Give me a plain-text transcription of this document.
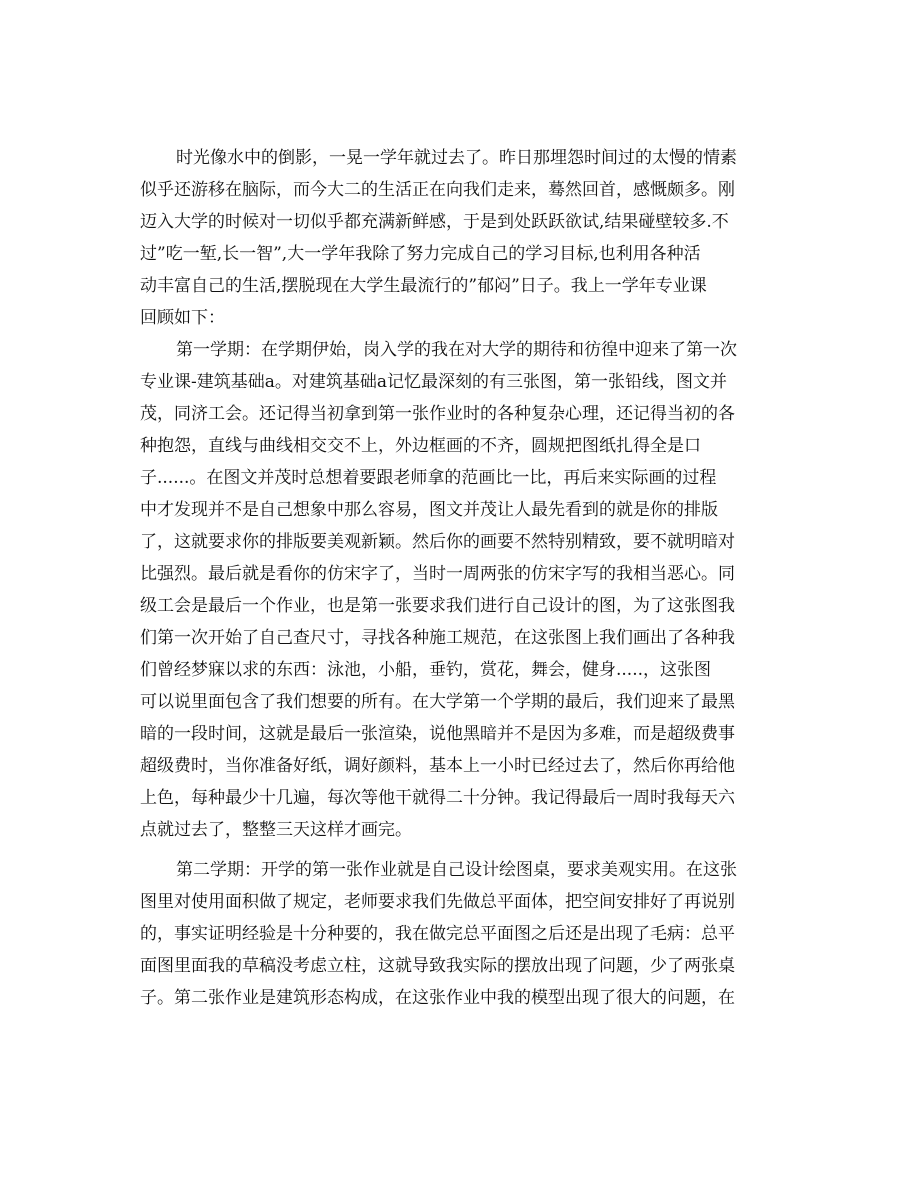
时光像水中的倒影，一晃一学年就过去了。昨日那埋怨时间过的太慢的情素
似乎还游移在脑际，而今大二的生活正在向我们走来，蓦然回首，感慨颇多。刚
迈入大学的时候对一切似乎都充满新鲜感，于是到处跃跃欲试,结果碰壁较多.不
过”吃一堑,长一智”,大一学年我除了努力完成自己的学习目标,也利用各种活
动丰富自己的生活,摆脱现在大学生最流行的”郁闷”日子。我上一学年专业课
回顾如下：
第一学期：在学期伊始，岗入学的我在对大学的期待和彷徨中迎来了第一次
专业课-建筑基础a。对建筑基础a记忆最深刻的有三张图，第一张铅线，图文并
茂，同济工会。还记得当初拿到第一张作业时的各种复杂心理，还记得当初的各
种抱怨，直线与曲线相交交不上，外边框画的不齐，圆规把图纸扎得全是口
子......。在图文并茂时总想着要跟老师拿的范画比一比，再后来实际画的过程
中才发现并不是自己想象中那么容易，图文并茂让人最先看到的就是你的排版
了，这就要求你的排版要美观新颖。然后你的画要不然特别精致，要不就明暗对
比强烈。最后就是看你的仿宋字了，当时一周两张的仿宋字写的我相当恶心。同
级工会是最后一个作业，也是第一张要求我们进行自己设计的图，为了这张图我
们第一次开始了自己查尺寸，寻找各种施工规范，在这张图上我们画出了各种我
们曾经梦寐以求的东西：泳池，小船，垂钓，赏花，舞会，健身.....，这张图
可以说里面包含了我们想要的所有。在大学第一个学期的最后，我们迎来了最黑
暗的一段时间，这就是最后一张渲染，说他黑暗并不是因为多难，而是超级费事
超级费时，当你准备好纸，调好颜料，基本上一小时已经过去了，然后你再给他
上色，每种最少十几遍，每次等他干就得二十分钟。我记得最后一周时我每天六
点就过去了，整整三天这样才画完。
第二学期：开学的第一张作业就是自己设计绘图桌，要求美观实用。在这张
图里对使用面积做了规定，老师要求我们先做总平面体，把空间安排好了再说别
的，事实证明经验是十分种要的，我在做完总平面图之后还是出现了毛病：总平
面图里面我的草稿没考虑立柱，这就导致我实际的摆放出现了问题，少了两张桌
子。第二张作业是建筑形态构成，在这张作业中我的模型出现了很大的问题，在
